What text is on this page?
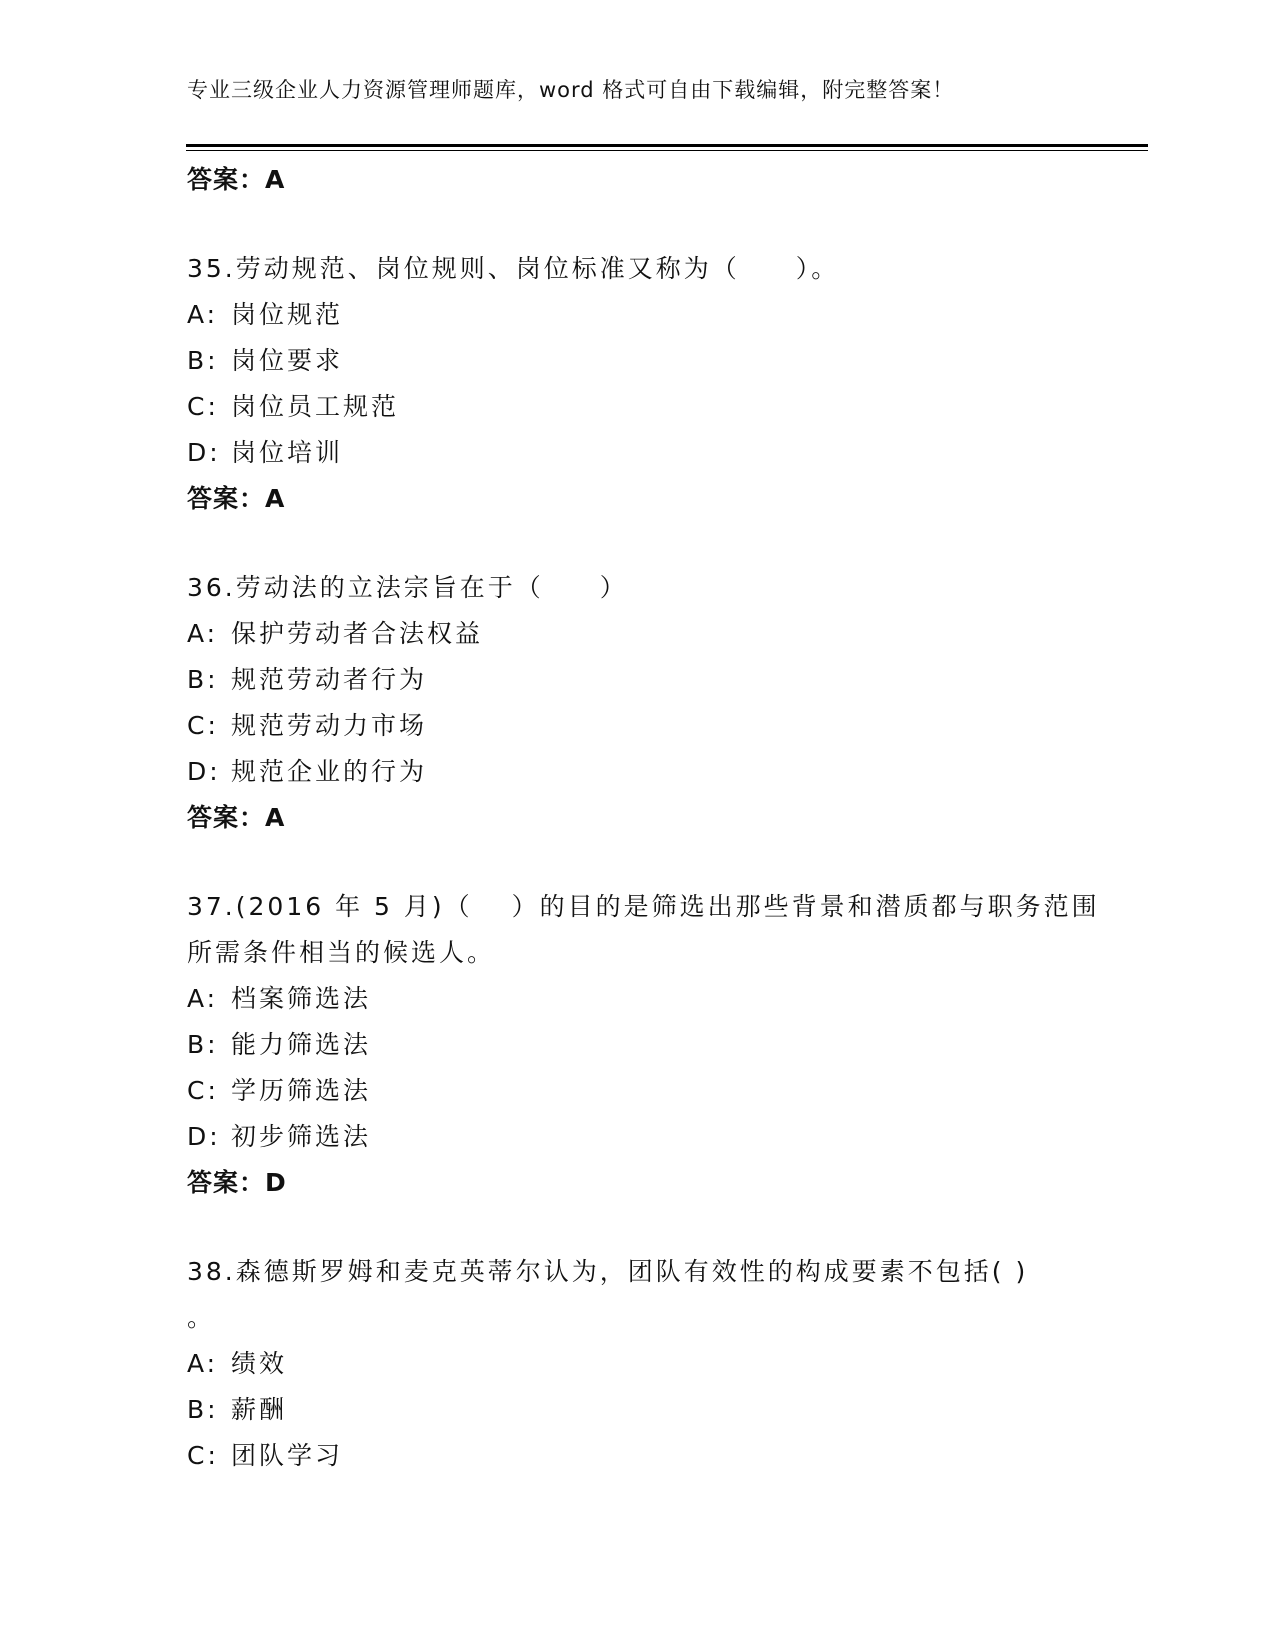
专业三级企业人力资源管理师题库，word 格式可自由下载编辑，附完整答案！
答案：A
35.劳动规范、岗位规则、岗位标准又称为（　　）。
A: 岗位规范
B: 岗位要求
C: 岗位员工规范
D: 岗位培训
答案：A
36.劳动法的立法宗旨在于（　　）
A: 保护劳动者合法权益
B: 规范劳动者行为
C: 规范劳动力市场
D: 规范企业的行为
答案：A
37.(2016 年 5 月)（　 ）的目的是筛选出那些背景和潜质都与职务范围
所需条件相当的候选人。
A: 档案筛选法
B: 能力筛选法
C: 学历筛选法
D: 初步筛选法
答案：D
38.森德斯罗姆和麦克英蒂尔认为，团队有效性的构成要素不包括( )
。
A: 绩效
B: 薪酬
C: 团队学习
